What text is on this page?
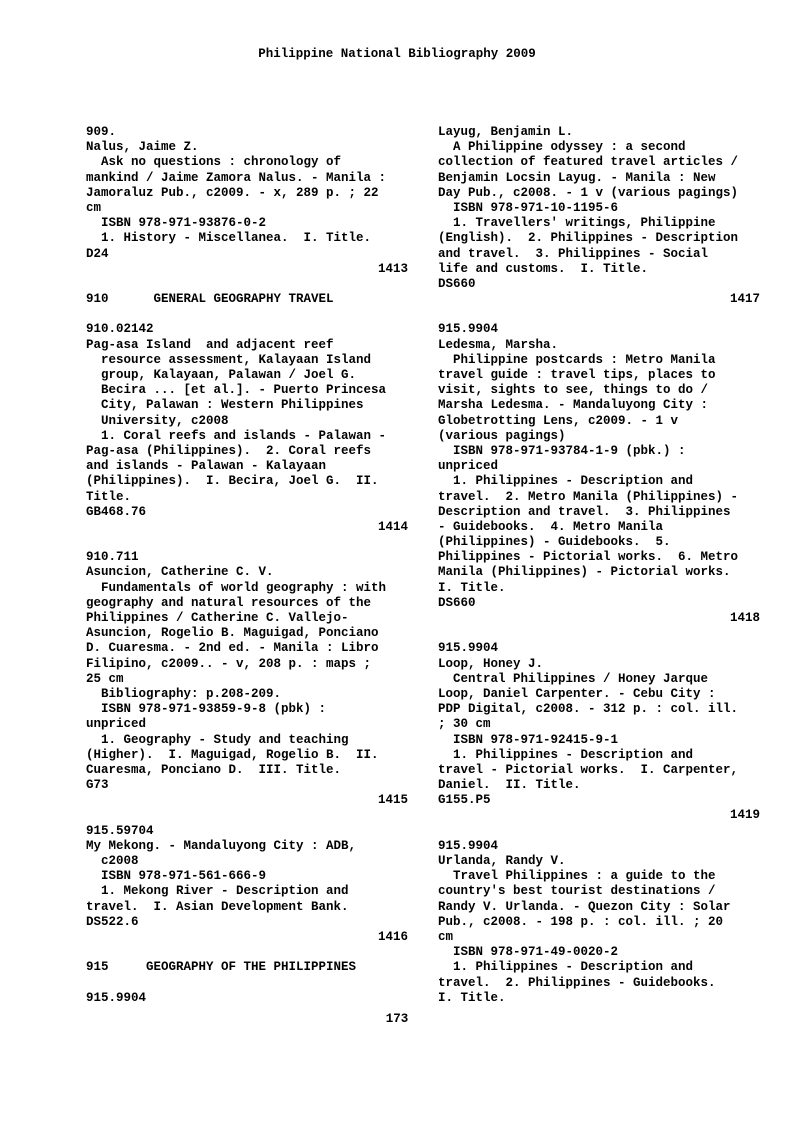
Philippine National Bibliography 2009
909.
Nalus, Jaime Z.
Ask no questions : chronology of
mankind / Jaime Zamora Nalus. - Manila :
Jamoraluz Pub., c2009. - x, 289 p. ; 22
cm
ISBN 978-971-93876-0-2
1. History - Miscellanea.  I. Title.
D24
1413
910      GENERAL GEOGRAPHY TRAVEL
910.02142
Pag-asa Island  and adjacent reef
resource assessment, Kalayaan Island
group, Kalayaan, Palawan / Joel G.
Becira ... [et al.]. - Puerto Princesa
City, Palawan : Western Philippines
University, c2008
1. Coral reefs and islands - Palawan -
Pag-asa (Philippines).  2. Coral reefs
and islands - Palawan - Kalayaan
(Philippines).  I. Becira, Joel G.  II.
Title.
GB468.76
1414
910.711
Asuncion, Catherine C. V.
Fundamentals of world geography : with
geography and natural resources of the
Philippines / Catherine C. Vallejo-
Asuncion, Rogelio B. Maguigad, Ponciano
D. Cuaresma. - 2nd ed. - Manila : Libro
Filipino, c2009.. - v, 208 p. : maps ;
25 cm
Bibliography: p.208-209.
ISBN 978-971-93859-9-8 (pbk) :
unpriced
1. Geography - Study and teaching
(Higher).  I. Maguigad, Rogelio B.  II.
Cuaresma, Ponciano D.  III. Title.
G73
1415
915.59704
My Mekong. - Mandaluyong City : ADB,
c2008
ISBN 978-971-561-666-9
1. Mekong River - Description and
travel.  I. Asian Development Bank.
DS522.6
1416
915     GEOGRAPHY OF THE PHILIPPINES
915.9904
Layug, Benjamin L.
A Philippine odyssey : a second
collection of featured travel articles /
Benjamin Locsin Layug. - Manila : New
Day Pub., c2008. - 1 v (various pagings)
ISBN 978-971-10-1195-6
1. Travellers' writings, Philippine
(English).  2. Philippines - Description
and travel.  3. Philippines - Social
life and customs.  I. Title.
DS660
1417
915.9904
Ledesma, Marsha.
Philippine postcards : Metro Manila
travel guide : travel tips, places to
visit, sights to see, things to do /
Marsha Ledesma. - Mandaluyong City :
Globetrotting Lens, c2009. - 1 v
(various pagings)
ISBN 978-971-93784-1-9 (pbk.) :
unpriced
1. Philippines - Description and
travel.  2. Metro Manila (Philippines) -
Description and travel.  3. Philippines
- Guidebooks.  4. Metro Manila
(Philippines) - Guidebooks.  5.
Philippines - Pictorial works.  6. Metro
Manila (Philippines) - Pictorial works.
I. Title.
DS660
1418
915.9904
Loop, Honey J.
Central Philippines / Honey Jarque
Loop, Daniel Carpenter. - Cebu City :
PDP Digital, c2008. - 312 p. : col. ill.
; 30 cm
ISBN 978-971-92415-9-1
1. Philippines - Description and
travel - Pictorial works.  I. Carpenter,
Daniel.  II. Title.
G155.P5
1419
915.9904
Urlanda, Randy V.
Travel Philippines : a guide to the
country's best tourist destinations /
Randy V. Urlanda. - Quezon City : Solar
Pub., c2008. - 198 p. : col. ill. ; 20
cm
ISBN 978-971-49-0020-2
1. Philippines - Description and
travel.  2. Philippines - Guidebooks.
I. Title.
173
